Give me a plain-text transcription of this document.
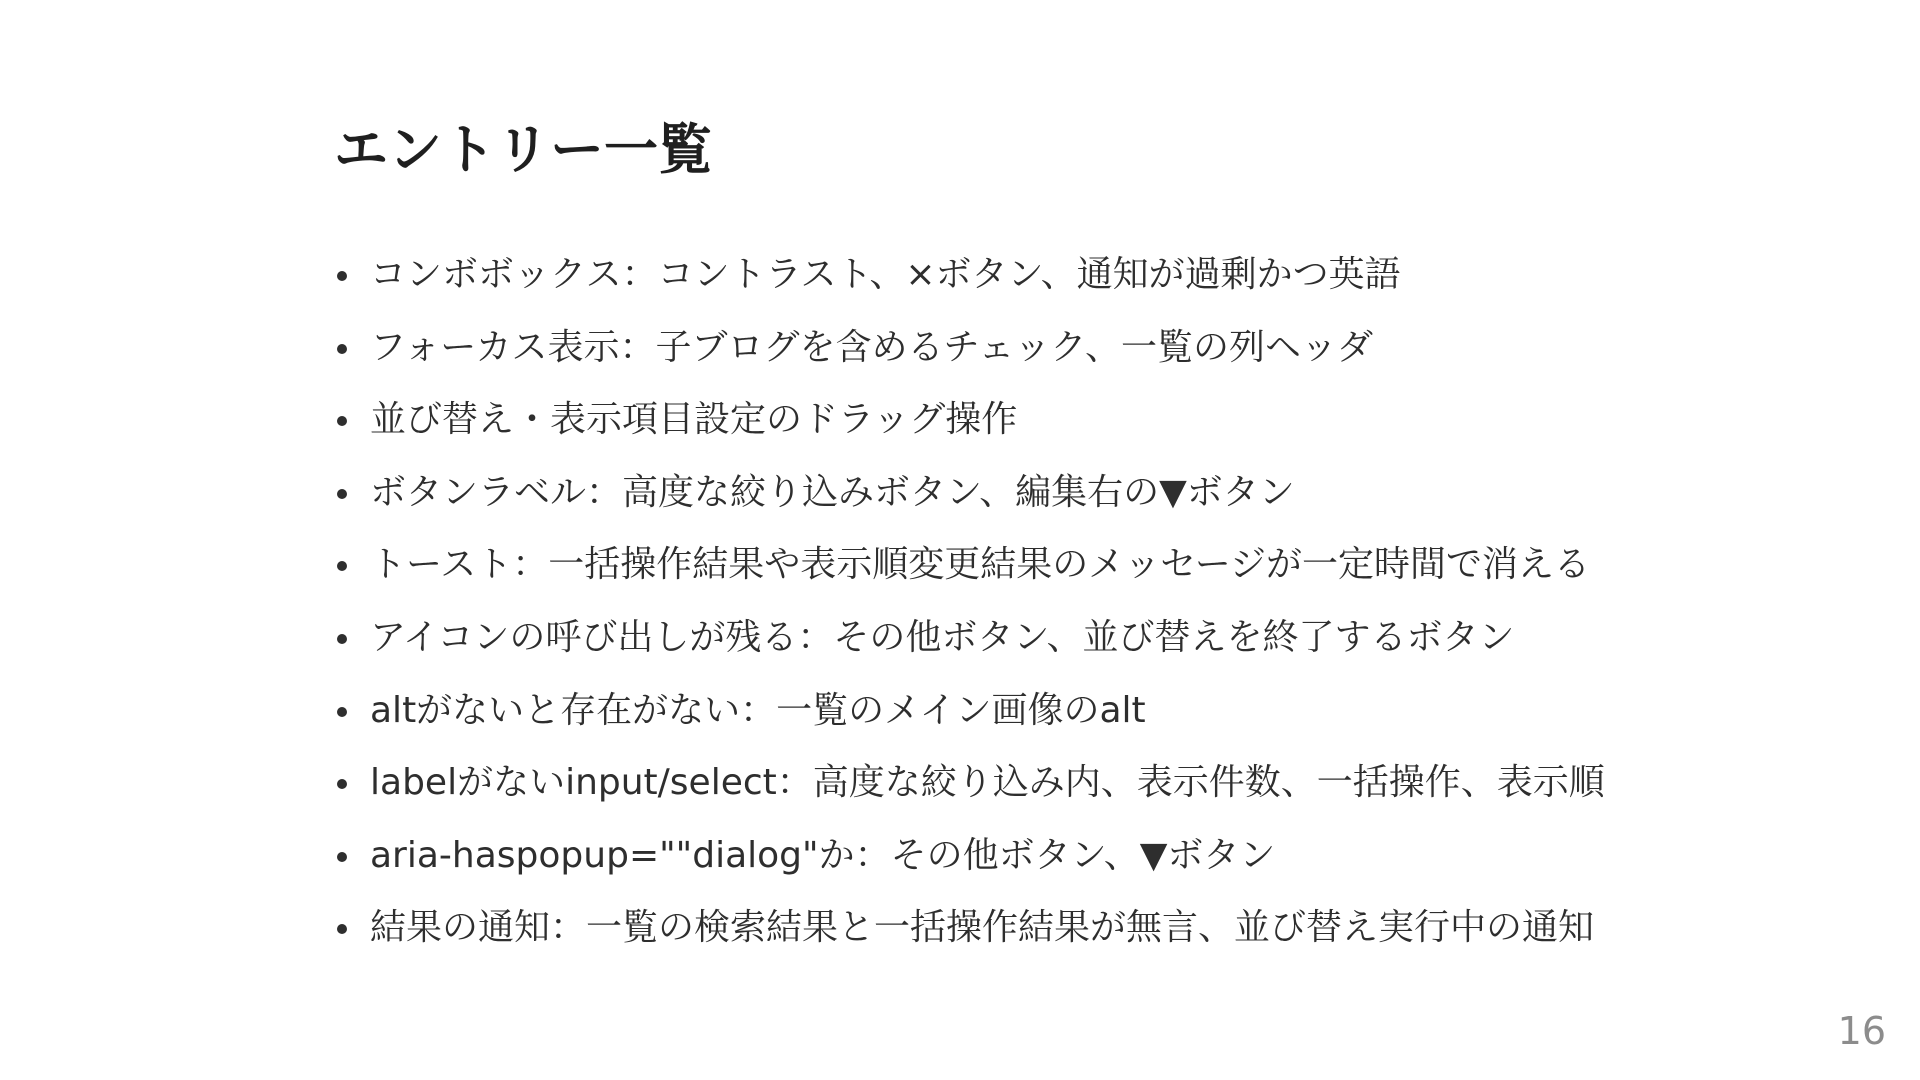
エントリー一覧
コンボボックス：コントラスト、×ボタン、通知が過剰かつ英語
フォーカス表示：子ブログを含めるチェック、一覧の列ヘッダ
並び替え・表示項目設定のドラッグ操作
ボタンラベル：高度な絞り込みボタン、編集右の▼ボタン
トースト：一括操作結果や表示順変更結果のメッセージが一定時間で消える
アイコンの呼び出しが残る：その他ボタン、並び替えを終了するボタン
altがないと存在がない：一覧のメイン画像のalt
labelがないinput/select：高度な絞り込み内、表示件数、一括操作、表示順
aria-haspopup=""dialog"か：その他ボタン、▼ボタン
結果の通知：一覧の検索結果と一括操作結果が無言、並び替え実行中の通知
16
